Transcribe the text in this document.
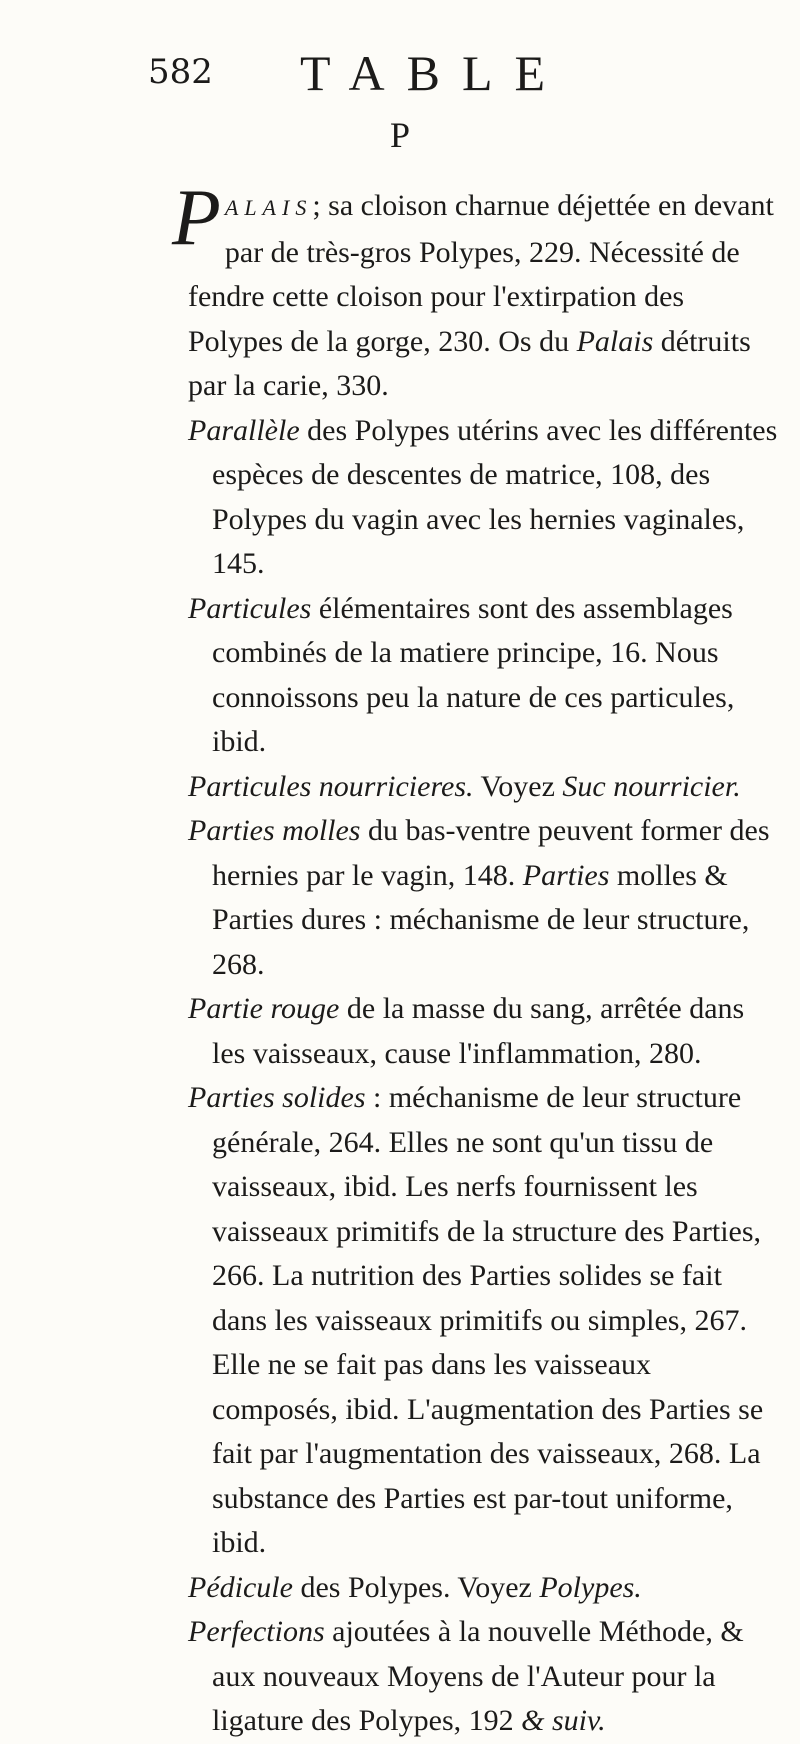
582 TABLE
P

PALAIS; sa cloison charnue déjettée en devant par de très-gros Polypes, 229. Nécessité de fendre cette cloison pour l'extirpation des Polypes de la gorge, 230. Os du Palais détruits par la carie, 330.

Parallèle des Polypes utérins avec les différentes espèces de descentes de matrice, 108, des Polypes du vagin avec les hernies vaginales, 145.

Particules élémentaires sont des assemblages combinés de la matiere principe, 16. Nous connoissons peu la nature de ces particules, ibid.

Particules nourricieres. Voyez Suc nourricier.

Parties molles du bas-ventre peuvent former des hernies par le vagin, 148. Parties molles & Parties dures : méchanisme de leur structure, 268.

Partie rouge de la masse du sang, arrêtée dans les vaisseaux, cause l'inflammation, 280.

Parties solides : méchanisme de leur structure générale, 264. Elles ne sont qu'un tissu de vaisseaux, ibid. Les nerfs fournissent les vaisseaux primitifs de la structure des Parties, 266. La nutrition des Parties solides se fait dans les vaisseaux primitifs ou simples, 267. Elle ne se fait pas dans les vaisseaux composés, ibid. L'augmentation des Parties se fait par l'augmentation des vaisseaux, 268. La substance des Parties est par-tout uniforme, ibid.

Pédicule des Polypes. Voyez Polypes.

Perfections ajoutées à la nouvelle Méthode, & aux nouveaux Moyens de l'Auteur pour la ligature des Polypes, 192 & suiv.
